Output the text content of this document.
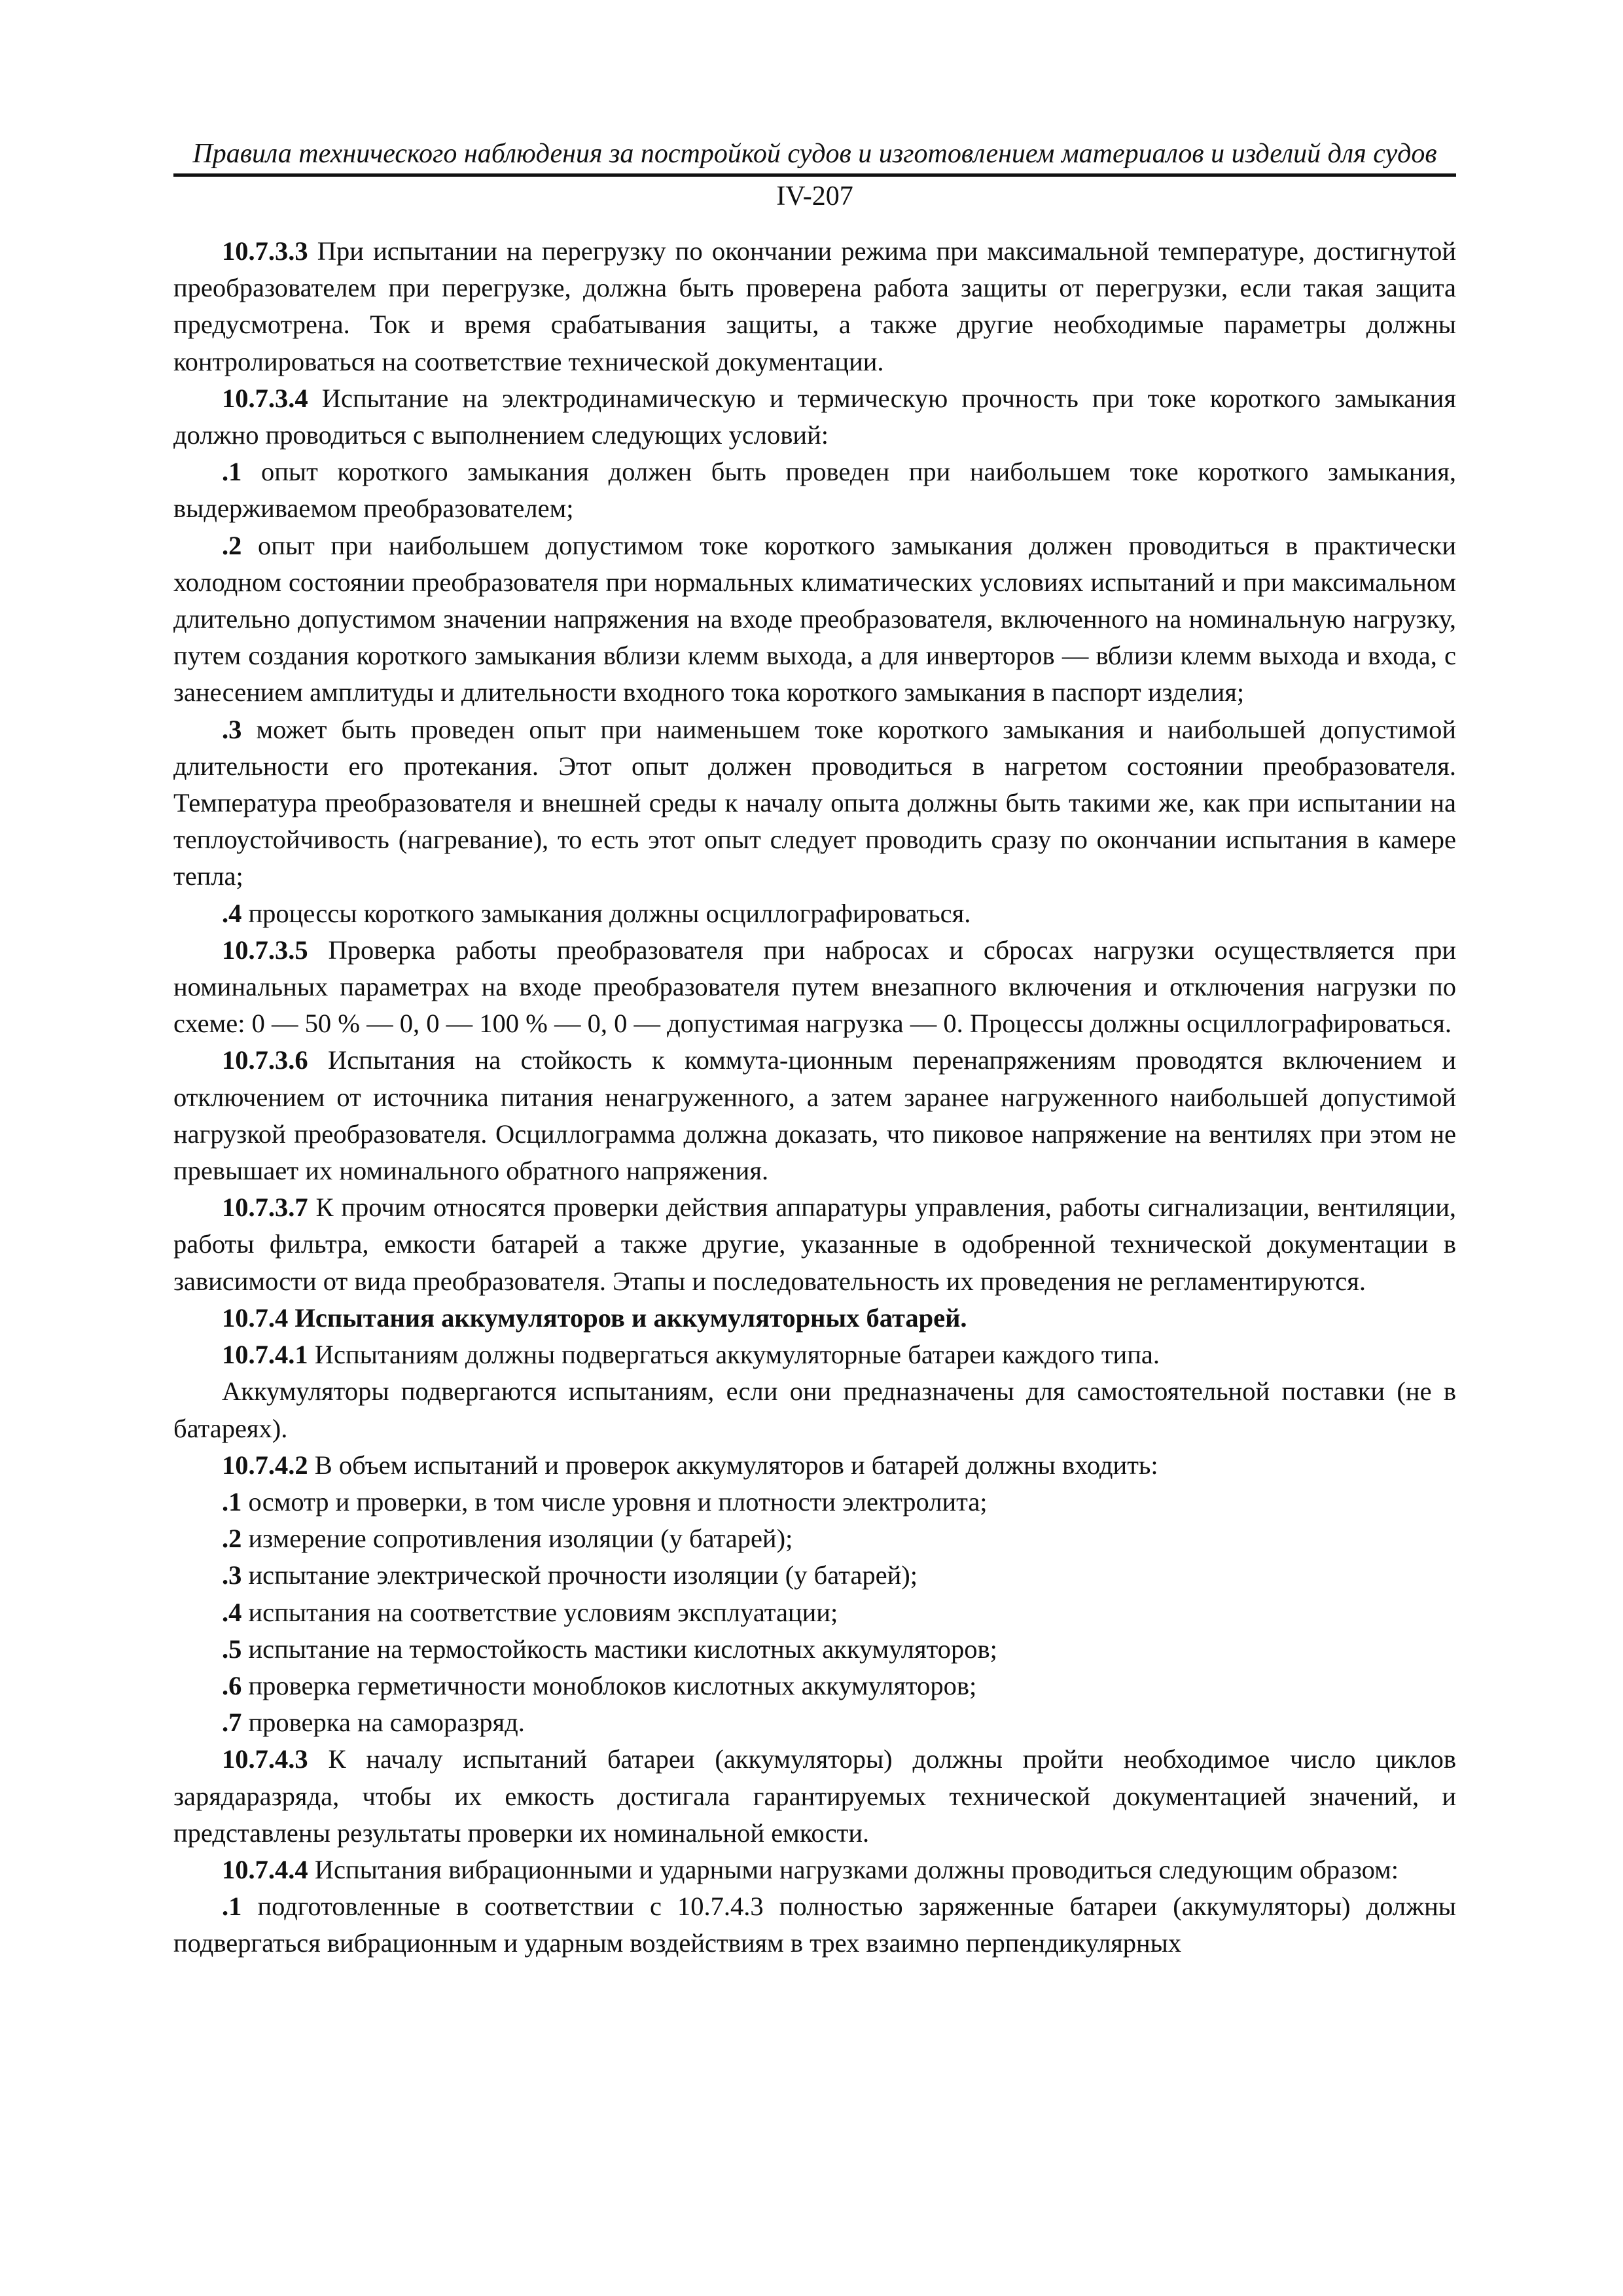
Правила технического наблюдения за постройкой судов и изготовлением материалов и изделий для судов
IV-207

10.7.3.3 При испытании на перегрузку по окончании режима при максимальной температуре, достигнутой преобразователем при перегрузке, должна быть проверена работа защиты от перегрузки, если такая защита предусмотрена. Ток и время срабатывания защиты, а также другие необходимые параметры должны контролироваться на соответствие технической документации.

10.7.3.4 Испытание на электродинамическую и термическую прочность при токе короткого замыкания должно проводиться с выполнением следующих условий:

.1 опыт короткого замыкания должен быть проведен при наибольшем токе короткого замыкания, выдерживаемом преобразователем;

.2 опыт при наибольшем допустимом токе короткого замыкания должен проводиться в практически холодном состоянии преобразователя при нормальных климатических условиях испытаний и при максимальном длительно допустимом значении напряжения на входе преобразователя, включенного на номинальную нагрузку, путем создания короткого замыкания вблизи клемм выхода, а для инверторов — вблизи клемм выхода и входа, с занесением амплитуды и длительности входного тока короткого замыкания в паспорт изделия;

.3 может быть проведен опыт при наименьшем токе короткого замыкания и наибольшей допустимой длительности его протекания. Этот опыт должен проводиться в нагретом состоянии преобразователя. Температура преобразователя и внешней среды к началу опыта должны быть такими же, как при испытании на теплоустойчивость (нагревание), то есть этот опыт следует проводить сразу по окончании испытания в камере тепла;

.4 процессы короткого замыкания должны осциллографироваться.

10.7.3.5 Проверка работы преобразователя при набросах и сбросах нагрузки осуществляется при номинальных параметрах на входе преобразователя путем внезапного включения и отключения нагрузки по схеме: 0 — 50 % — 0, 0 — 100 % — 0, 0 — допустимая нагрузка — 0. Процессы должны осциллографироваться.

10.7.3.6 Испытания на стойкость к коммута-ционным перенапряжениям проводятся включением и отключением от источника питания ненагруженного, а затем заранее нагруженного наибольшей допустимой нагрузкой преобразователя. Осциллограмма должна доказать, что пиковое напряжение на вентилях при этом не превышает их номинального обратного напряжения.

10.7.3.7 К прочим относятся проверки действия аппаратуры управления, работы сигнализации, вентиляции, работы фильтра, емкости батарей а также другие, указанные в одобренной технической документации в зависимости от вида преобразователя. Этапы и последовательность их проведения не регламентируются.

10.7.4 Испытания аккумуляторов и аккумуляторных батарей.

10.7.4.1 Испытаниям должны подвергаться аккумуляторные батареи каждого типа.

Аккумуляторы подвергаются испытаниям, если они предназначены для самостоятельной поставки (не в батареях).

10.7.4.2 В объем испытаний и проверок аккумуляторов и батарей должны входить:

.1 осмотр и проверки, в том числе уровня и плотности электролита;

.2 измерение сопротивления изоляции (у батарей);

.3 испытание электрической прочности изоляции (у батарей);

.4 испытания на соответствие условиям эксплуатации;

.5 испытание на термостойкость мастики кислотных аккумуляторов;

.6 проверка герметичности моноблоков кислотных аккумуляторов;

.7 проверка на саморазряд.

10.7.4.3 К началу испытаний батареи (аккумуляторы) должны пройти необходимое число циклов зарядаразряда, чтобы их емкость достигала гарантируемых технической документацией значений, и представлены результаты проверки их номинальной емкости.

10.7.4.4 Испытания вибрационными и ударными нагрузками должны проводиться следующим образом:

.1 подготовленные в соответствии с 10.7.4.3 полностью заряженные батареи (аккумуляторы) должны подвергаться вибрационным и ударным воздействиям в трех взаимно перпендикулярных
